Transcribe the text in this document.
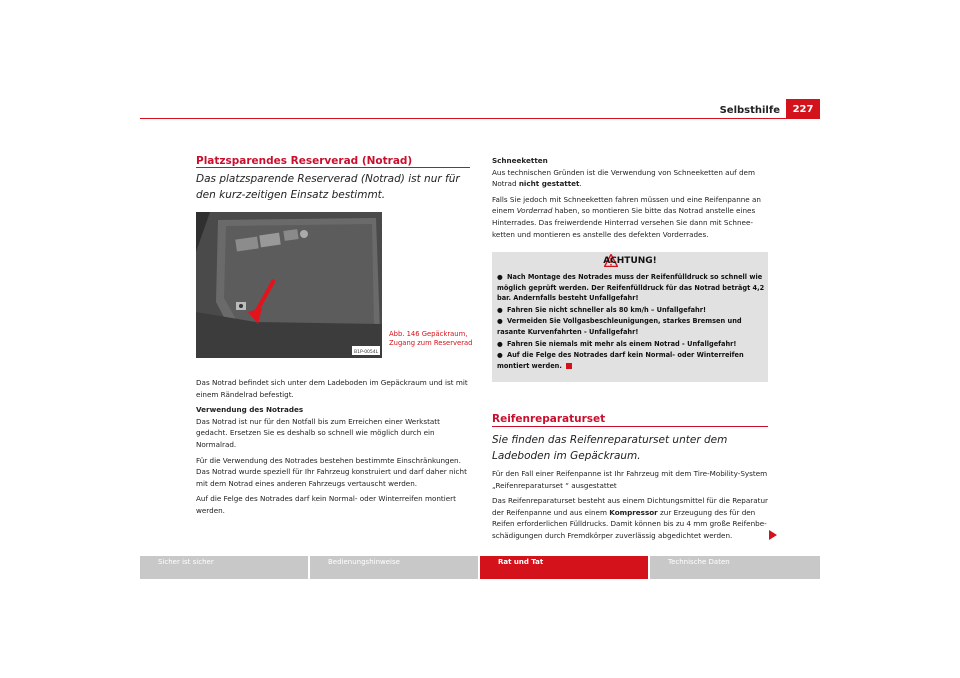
Selbsthilfe	227
Platzsparendes Reserverad (Notrad)
Das platzsparende Reserverad (Notrad) ist nur für den kurz-zeitigen Einsatz bestimmt.
B1P-0054L
Abb. 146 Gepäckraum,
Zugang zum Reserverad

Das Notrad befindet sich unter dem Ladeboden im Gepäckraum und ist mit einem Rändelrad befestigt.

Verwendung des Notrades

Das Notrad ist nur für den Notfall bis zum Erreichen einer Werkstatt gedacht. Ersetzen Sie es deshalb so schnell wie möglich durch ein Normalrad.

Für die Verwendung des Notrades bestehen bestimmte Einschränkungen. Das Notrad wurde speziell für Ihr Fahrzeug konstruiert und darf daher nicht mit dem Notrad eines anderen Fahrzeugs vertauscht werden.

Auf die Felge des Notrades darf kein Normal- oder Winterreifen montiert werden.

Schneeketten

Aus technischen Gründen ist die Verwendung von Schneeketten auf dem Notrad nicht gestattet.

Falls Sie jedoch mit Schneeketten fahren müssen und eine Reifenpanne an einem Vorderrad haben, so montieren Sie bitte das Notrad anstelle eines Hinterrades. Das freiwerdende Hinterrad versehen Sie dann mit Schnee-ketten und montieren es anstelle des defekten Vorderrades.

ACHTUNG!
● Nach Montage des Notrades muss der Reifenfülldruck so schnell wie möglich geprüft werden. Der Reifenfülldruck für das Notrad beträgt 4,2 bar. Andernfalls besteht Unfallgefahr!
● Fahren Sie nicht schneller als 80 km/h – Unfallgefahr!
● Vermeiden Sie Vollgasbeschleunigungen, starkes Bremsen und rasante Kurvenfahrten - Unfallgefahr!
● Fahren Sie niemals mit mehr als einem Notrad - Unfallgefahr!
● Auf die Felge des Notrades darf kein Normal- oder Winterreifen montiert werden.
Reifenreparaturset
Sie finden das Reifenreparaturset unter dem Ladeboden im Gepäckraum.

Für den Fall einer Reifenpanne ist Ihr Fahrzeug mit dem Tire-Mobility-System „Reifenreparaturset “ ausgestattet

Das Reifenreparaturset besteht aus einem Dichtungsmittel für die Reparatur der Reifenpanne und aus einem Kompressor zur Erzeugung des für den Reifen erforderlichen Fülldrucks. Damit können bis zu 4 mm große Reifenbe-schädigungen durch Fremdkörper zuverlässig abgedichtet werden.

Sicher ist sicher	Bedienungshinweise	Rat und Tat	Technische Daten
